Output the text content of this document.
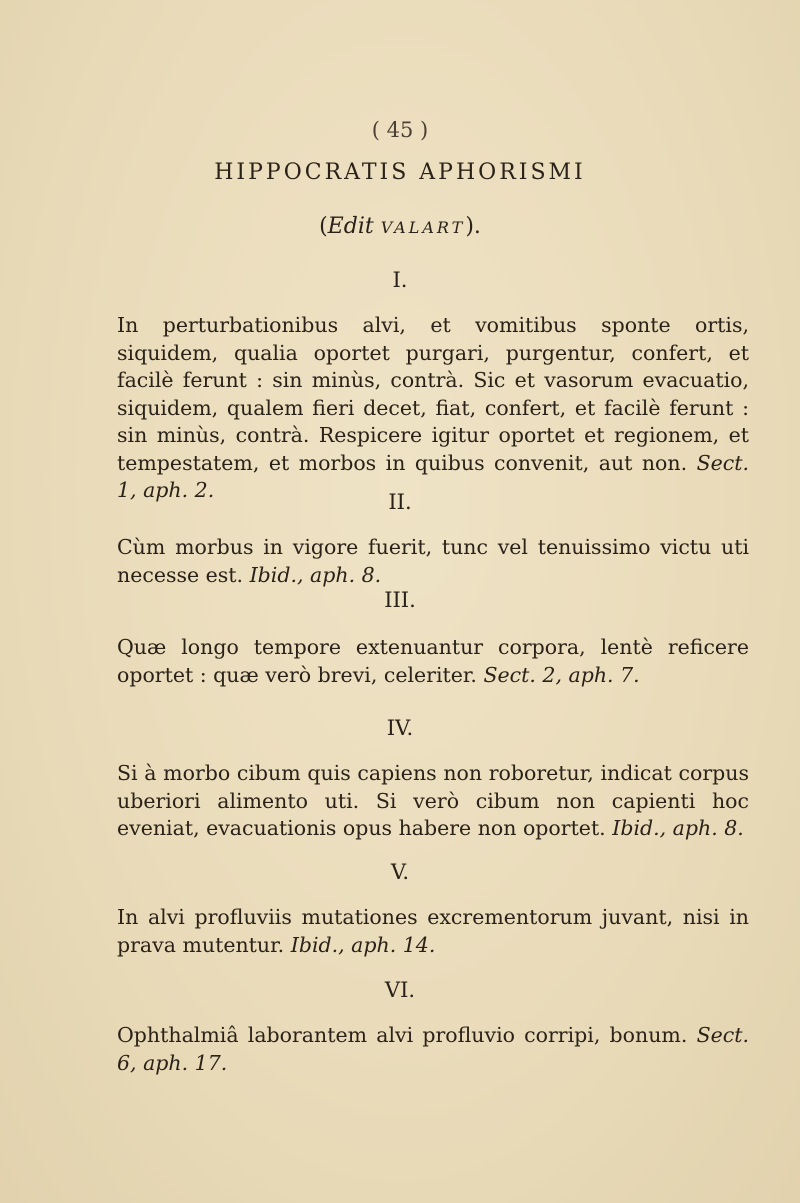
( 45 )
HIPPOCRATIS APHORISMI
(Edit VALART).
I.
In perturbationibus alvi, et vomitibus sponte ortis, siquidem, qualia oportet purgari, purgentur, confert, et facilè ferunt : sin minùs, contrà. Sic et vasorum evacuatio, siquidem, qualem fieri decet, fiat, confert, et facilè ferunt : sin minùs, contrà. Respicere igitur oportet et regionem, et tempestatem, et morbos in quibus convenit, aut non. Sect. 1, aph. 2.	II.
Cùm morbus in vigore fuerit, tunc vel tenuissimo victu uti necesse est. Ibid., aph. 8.
III.
Quæ longo tempore extenuantur corpora, lentè reficere oportet : quæ verò brevi, celeriter. Sect. 2, aph. 7.
IV.
Si à morbo cibum quis capiens non roboretur, indicat corpus uberiori alimento uti. Si verò cibum non capienti hoc eveniat, evacuationis opus habere non oportet. Ibid., aph. 8.
V.
In alvi profluviis mutationes excrementorum juvant, nisi in prava mutentur. Ibid., aph. 14.
VI.
Ophthalmiâ laborantem alvi profluvio corripi, bonum. Sect. 6, aph. 17.
